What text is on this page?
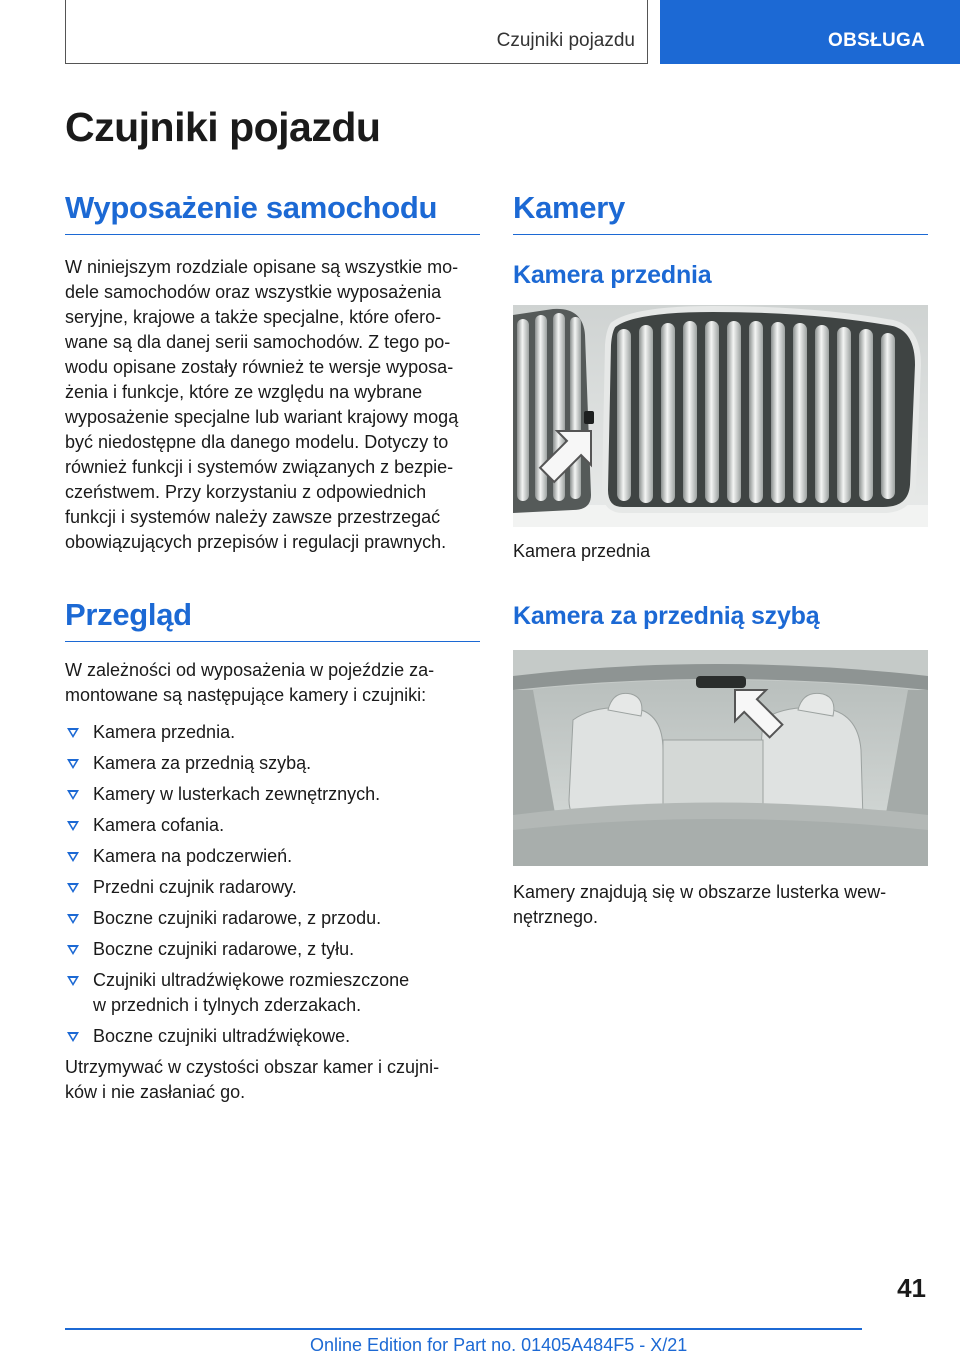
Czujniki pojazdu	OBSŁUGA
Czujniki pojazdu
Wyposażenie samochodu

W niniejszym rozdziale opisane są wszystkie mo-
dele samochodów oraz wszystkie wyposażenia
seryjne, krajowe a także specjalne, które ofero-
wane są dla danej serii samochodów. Z tego po-
wodu opisane zostały również te wersje wyposa-
żenia i funkcje, które ze względu na wybrane
wyposażenie specjalne lub wariant krajowy mogą
być niedostępne dla danego modelu. Dotyczy to
również funkcji i systemów związanych z bezpie-
czeństwem. Przy korzystaniu z odpowiednich
funkcji i systemów należy zawsze przestrzegać
obowiązujących przepisów i regulacji prawnych.

Przegląd

W zależności od wyposażenia w pojeździe za-
montowane są następujące kamery i czujniki:

Kamera przednia.
Kamera za przednią szybą.
Kamery w lusterkach zewnętrznych.
Kamera cofania.
Kamera na podczerwień.
Przedni czujnik radarowy.
Boczne czujniki radarowe, z przodu.
Boczne czujniki radarowe, z tyłu.
Czujniki ultradźwiękowe rozmieszczone
w przednich i tylnych zderzakach.
Boczne czujniki ultradźwiękowe.

Utrzymywać w czystości obszar kamer i czujni-
ków i nie zasłaniać go.

Kamery
Kamera przednia
Kamera przednia
Kamera za przednią szybą
Kamery znajdują się w obszarze lusterka wew-
nętrznego.
41
Online Edition for Part no. 01405A484F5 - X/21
